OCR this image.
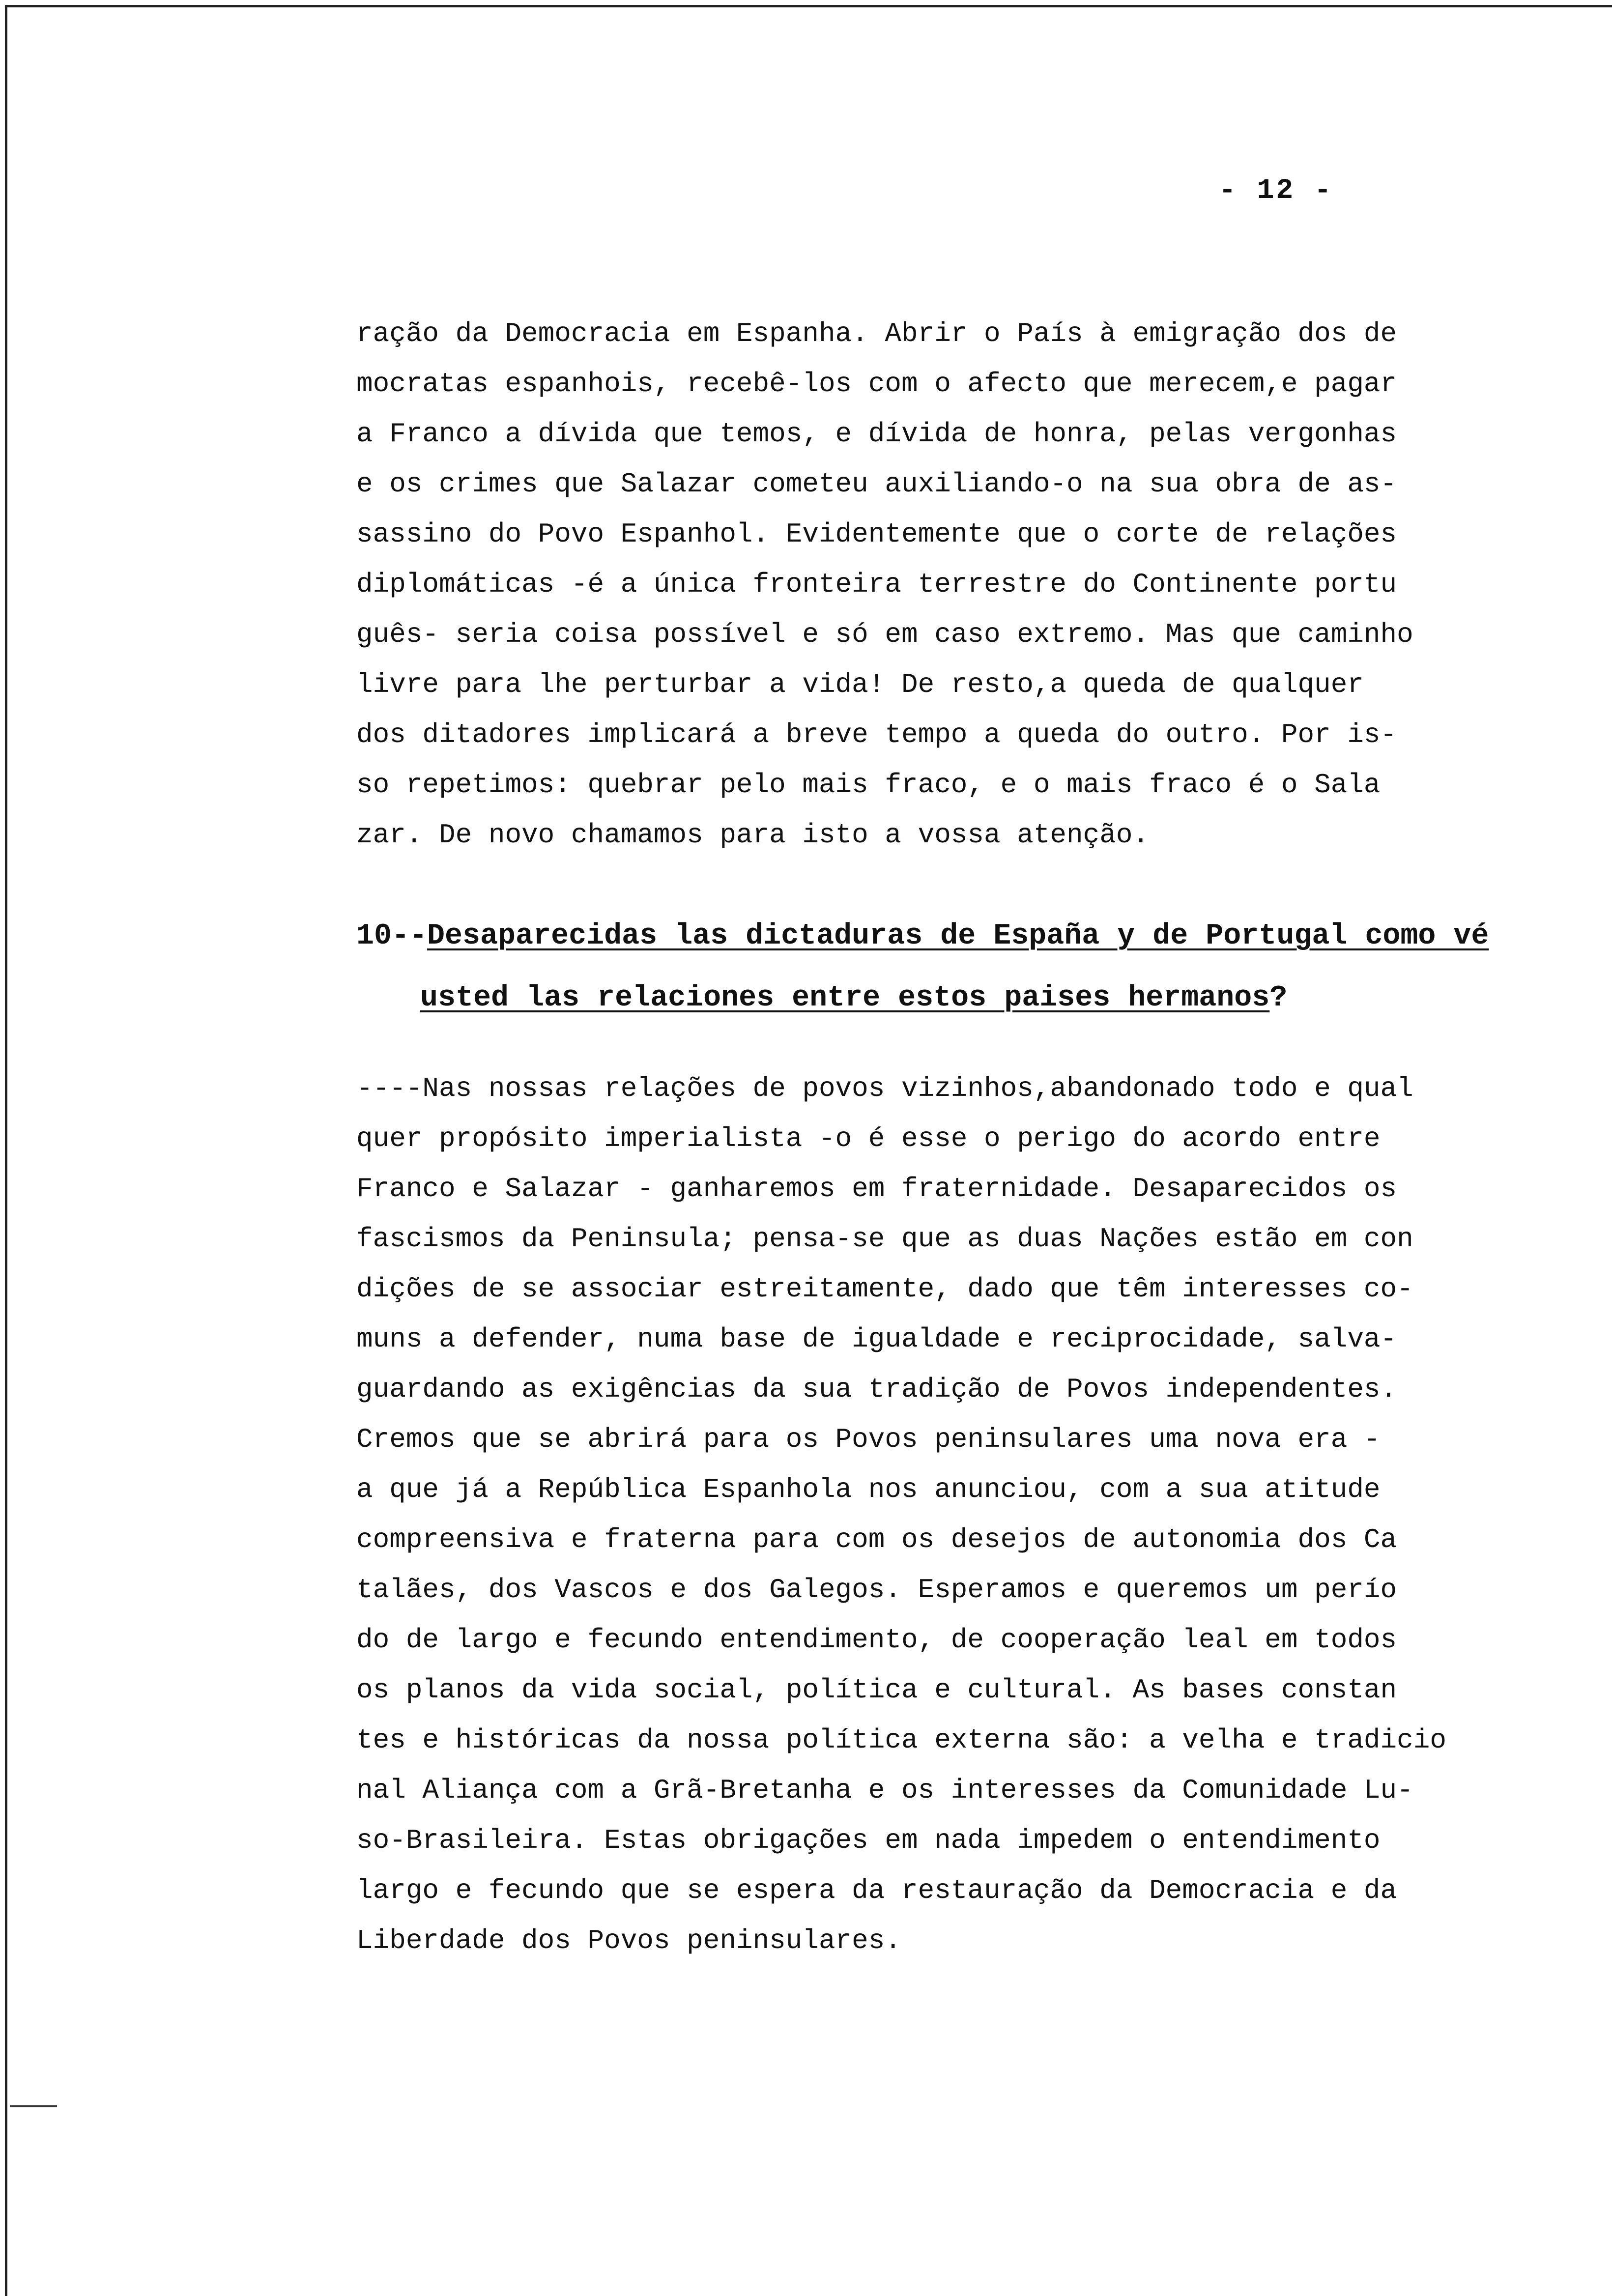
- 12 -
ração da Democracia em Espanha. Abrir o País à emigração dos de
mocratas espanhois, recebê-los com o afecto que merecem,e pagar
a Franco a dívida que temos, e dívida de honra, pelas vergonhas
e os crimes que Salazar cometeu auxiliando-o na sua obra de as-
sassino do Povo Espanhol. Evidentemente que o corte de relações
diplomáticas -é a única fronteira terrestre do Continente portu
guês- seria coisa possível e só em caso extremo. Mas que caminho
livre para lhe perturbar a vida! De resto,a queda de qualquer
dos ditadores implicará a breve tempo a queda do outro. Por is-
so repetimos: quebrar pelo mais fraco, e o mais fraco é o Sala
zar. De novo chamamos para isto a vossa atenção.
10--Desaparecidas las dictaduras de España y de Portugal como vé
usted las relaciones entre estos paises hermanos?
----Nas nossas relações de povos vizinhos,abandonado todo e qual
quer propósito imperialista -o é esse o perigo do acordo entre
Franco e Salazar - ganharemos em fraternidade. Desaparecidos os
fascismos da Peninsula; pensa-se que as duas Nações estão em con
dições de se associar estreitamente, dado que têm interesses co-
muns a defender, numa base de igualdade e reciprocidade, salva-
guardando as exigências da sua tradição de Povos independentes.
Cremos que se abrirá para os Povos peninsulares uma nova era -
a que já a República Espanhola nos anunciou, com a sua atitude
compreensiva e fraterna para com os desejos de autonomia dos Ca
talães, dos Vascos e dos Galegos. Esperamos e queremos um perío
do de largo e fecundo entendimento, de cooperação leal em todos
os planos da vida social, política e cultural. As bases constan
tes e históricas da nossa política externa são: a velha e tradicio
nal Aliança com a Grã-Bretanha e os interesses da Comunidade Lu-
so-Brasileira. Estas obrigações em nada impedem o entendimento
largo e fecundo que se espera da restauração da Democracia e da
Liberdade dos Povos peninsulares.
